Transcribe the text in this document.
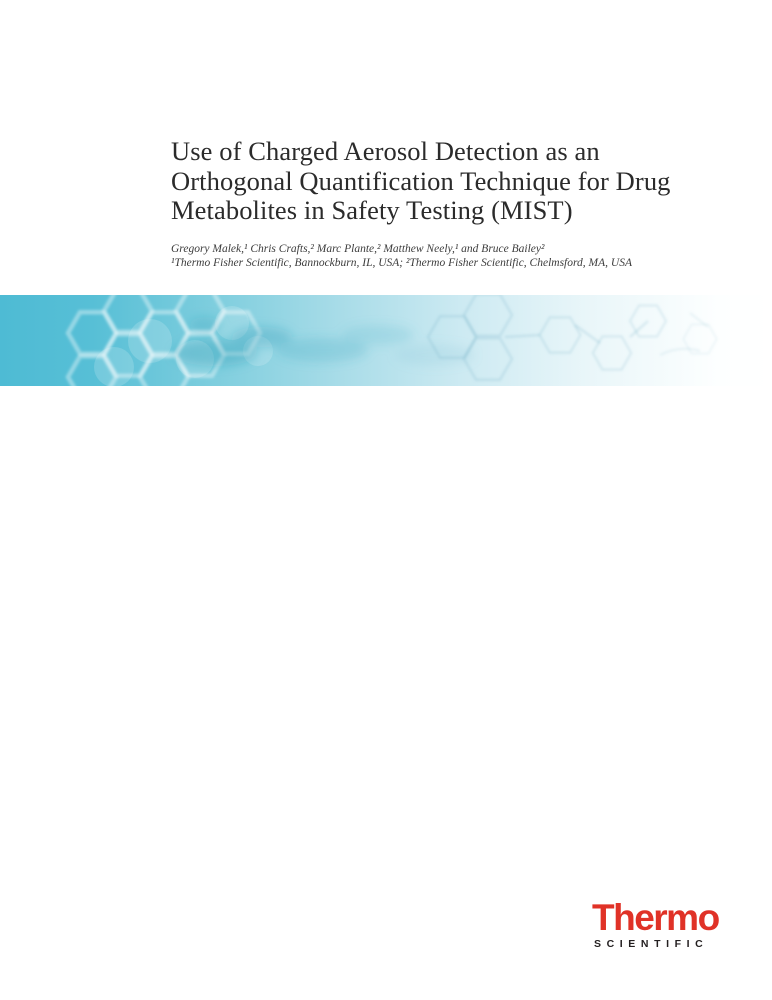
Use of Charged Aerosol Detection as an
Orthogonal Quantification Technique for Drug
Metabolites in Safety Testing (MIST)

Gregory Malek,¹ Chris Crafts,² Marc Plante,² Matthew Neely,¹ and Bruce Bailey²

¹Thermo Fisher Scientific, Bannockburn, IL, USA; ²Thermo Fisher Scientific, Chelmsford, MA, USA

Thermo
SCIENTIFIC
